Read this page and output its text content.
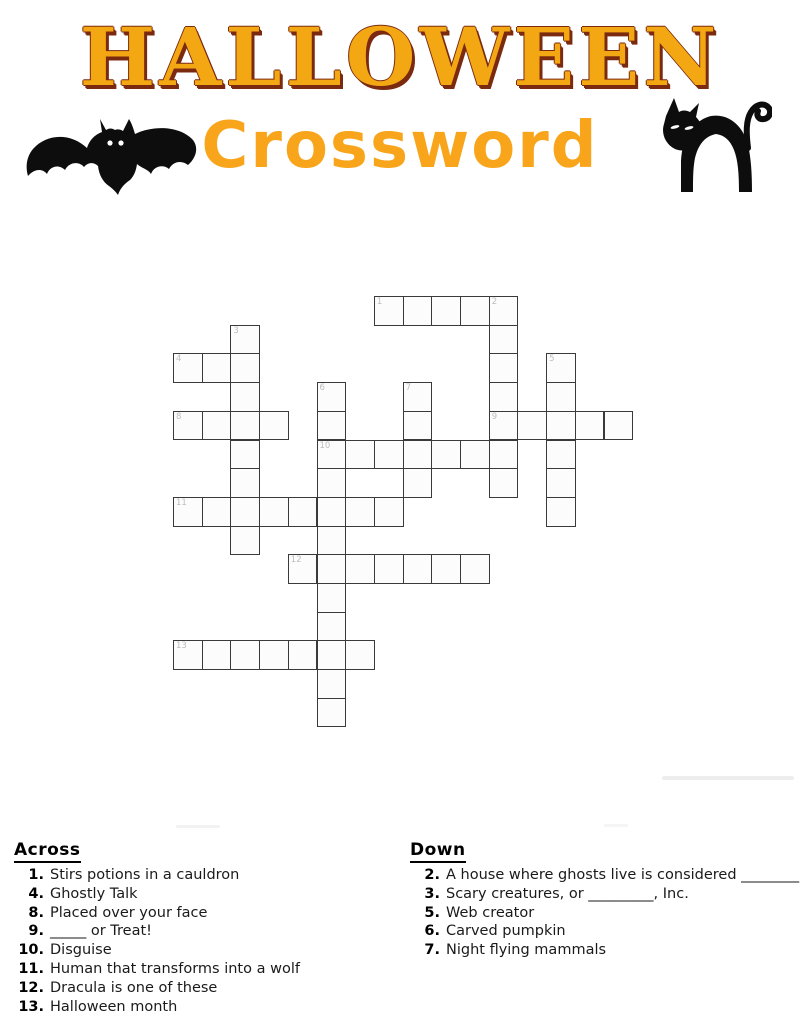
HALLOWEEN
Crossword
1	2
9
3
4	5
6
10
7
8
11
12
13
Across
1. Stirs potions in a cauldron
4. Ghostly Talk
8. Placed over your face
9. _____ or Treat!
10. Disguise
11. Human that transforms into a wolf
12. Dracula is one of these
13. Halloween month
Down
2. A house where ghosts live is considered ________
3. Scary creatures, or _________, Inc.
5. Web creator
6. Carved pumpkin
7. Night flying mammals
